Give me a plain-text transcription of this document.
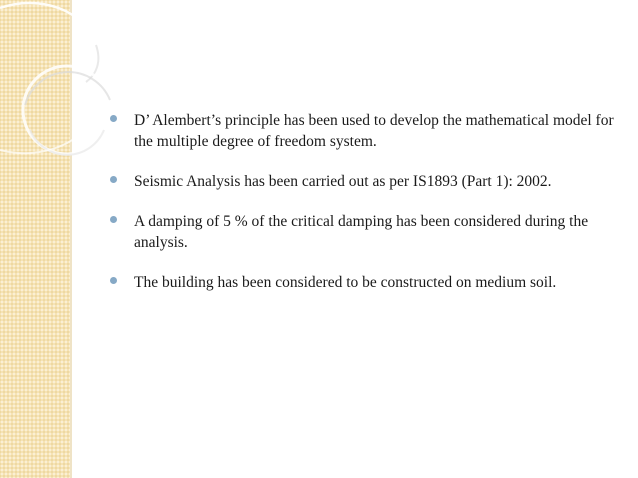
D’ Alembert’s principle has been used to develop the mathematical model for the multiple degree of freedom system.
Seismic Analysis has been carried out as per IS1893 (Part 1): 2002.
A damping of 5 % of the critical damping has been considered during the analysis.
The building has been considered to be constructed on medium soil.
